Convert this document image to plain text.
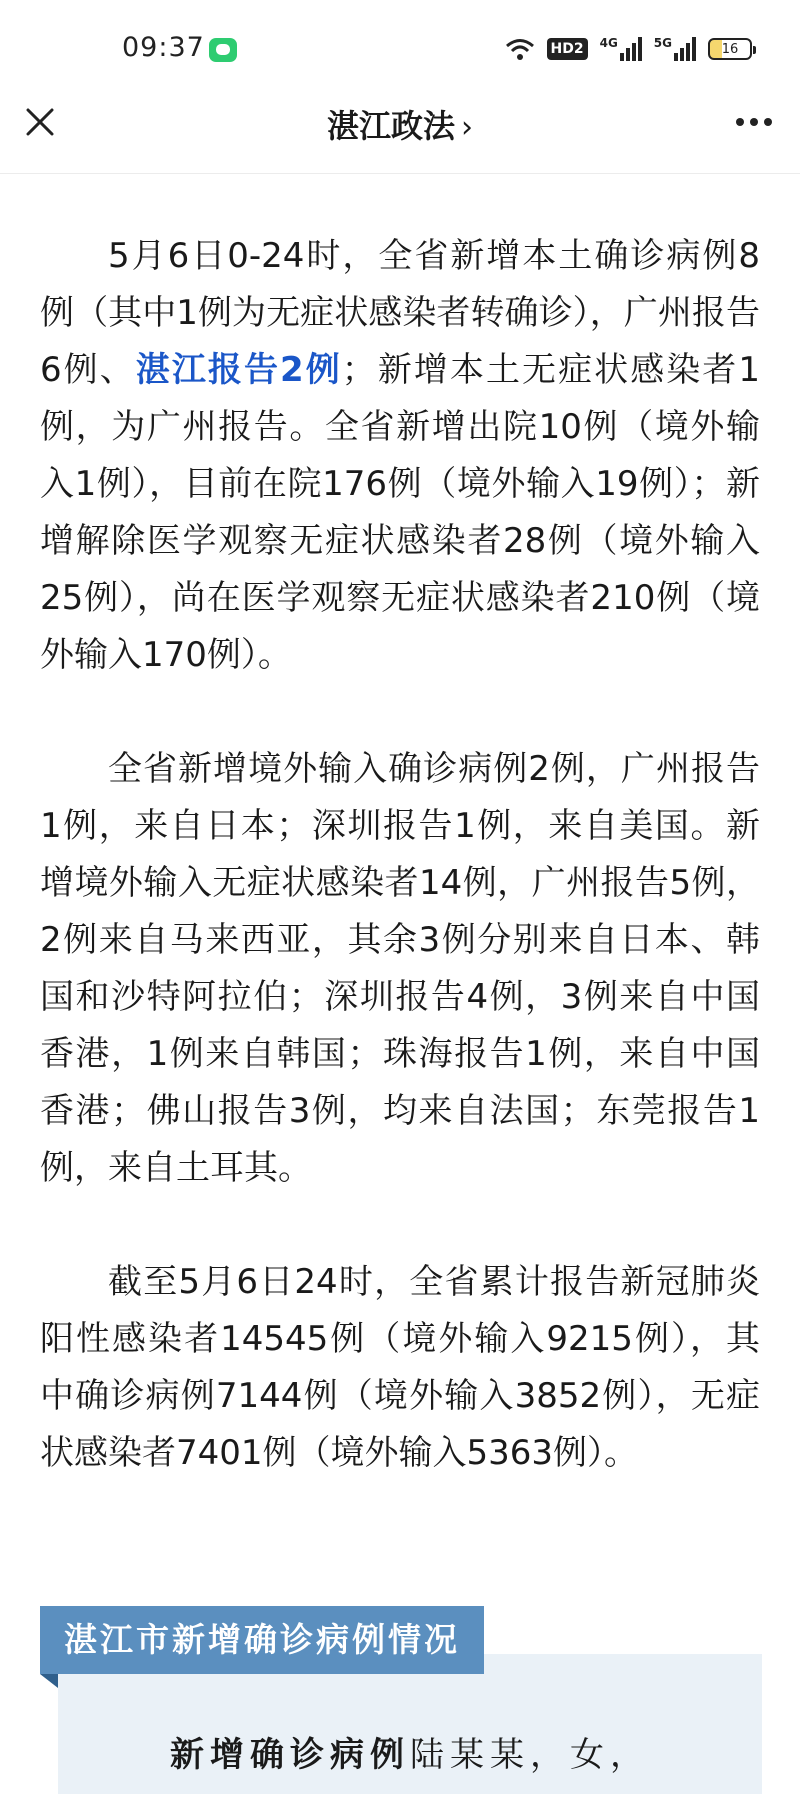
09:37	HD2	4G	5G	16
湛江政法 ›

5月6日0-24时，全省新增本土确诊病例8例（其中1例为无症状感染者转确诊），广州报告6例、湛江报告2例；新增本土无症状感染者1例，为广州报告。全省新增出院10例（境外输入1例），目前在院176例（境外输入19例）；新增解除医学观察无症状感染者28例（境外输入25例），尚在医学观察无症状感染者210例（境外输入170例）。

全省新增境外输入确诊病例2例，广州报告1例，来自日本；深圳报告1例，来自美国。新增境外输入无症状感染者14例，广州报告5例，2例来自马来西亚，其余3例分别来自日本、韩国和沙特阿拉伯；深圳报告4例，3例来自中国香港，1例来自韩国；珠海报告1例，来自中国香港；佛山报告3例，均来自法国；东莞报告1例，来自土耳其。

截至5月6日24时，全省累计报告新冠肺炎阳性感染者14545例（境外输入9215例），其中确诊病例7144例（境外输入3852例），无症状感染者7401例（境外输入5363例）。

湛江市新增确诊病例情况
新增确诊病例陆某某，女，
